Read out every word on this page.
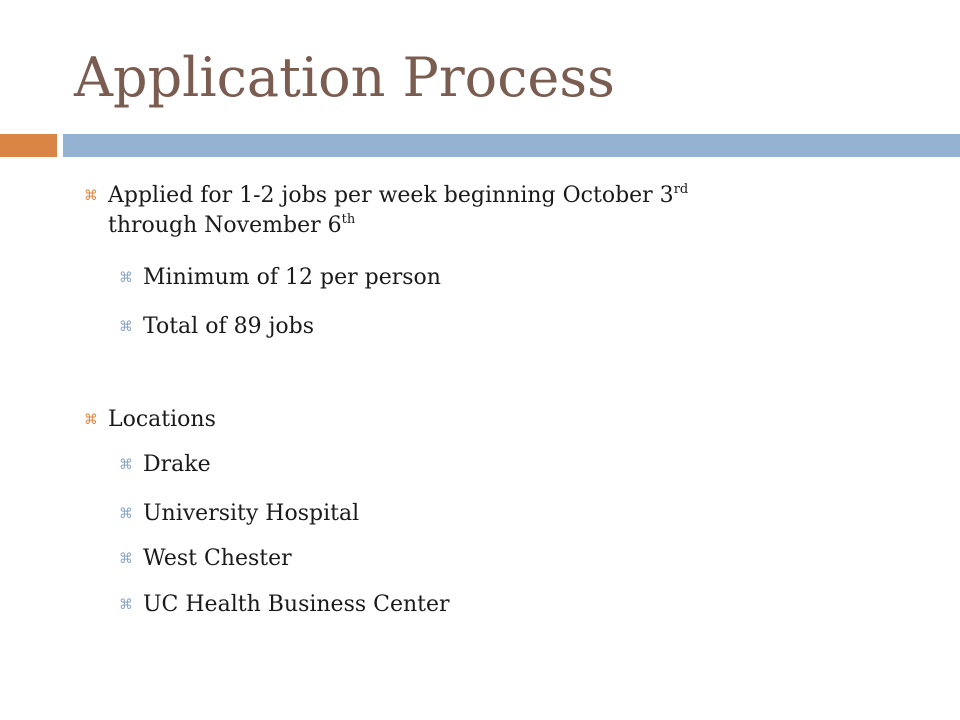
Application Process
⌘ Applied for 1-2 jobs per week beginning October 3rd
through November 6th
⌘ Minimum of 12 per person
⌘ Total of 89 jobs
⌘ Locations
⌘ Drake
⌘ University Hospital
⌘ West Chester
⌘ UC Health Business Center
